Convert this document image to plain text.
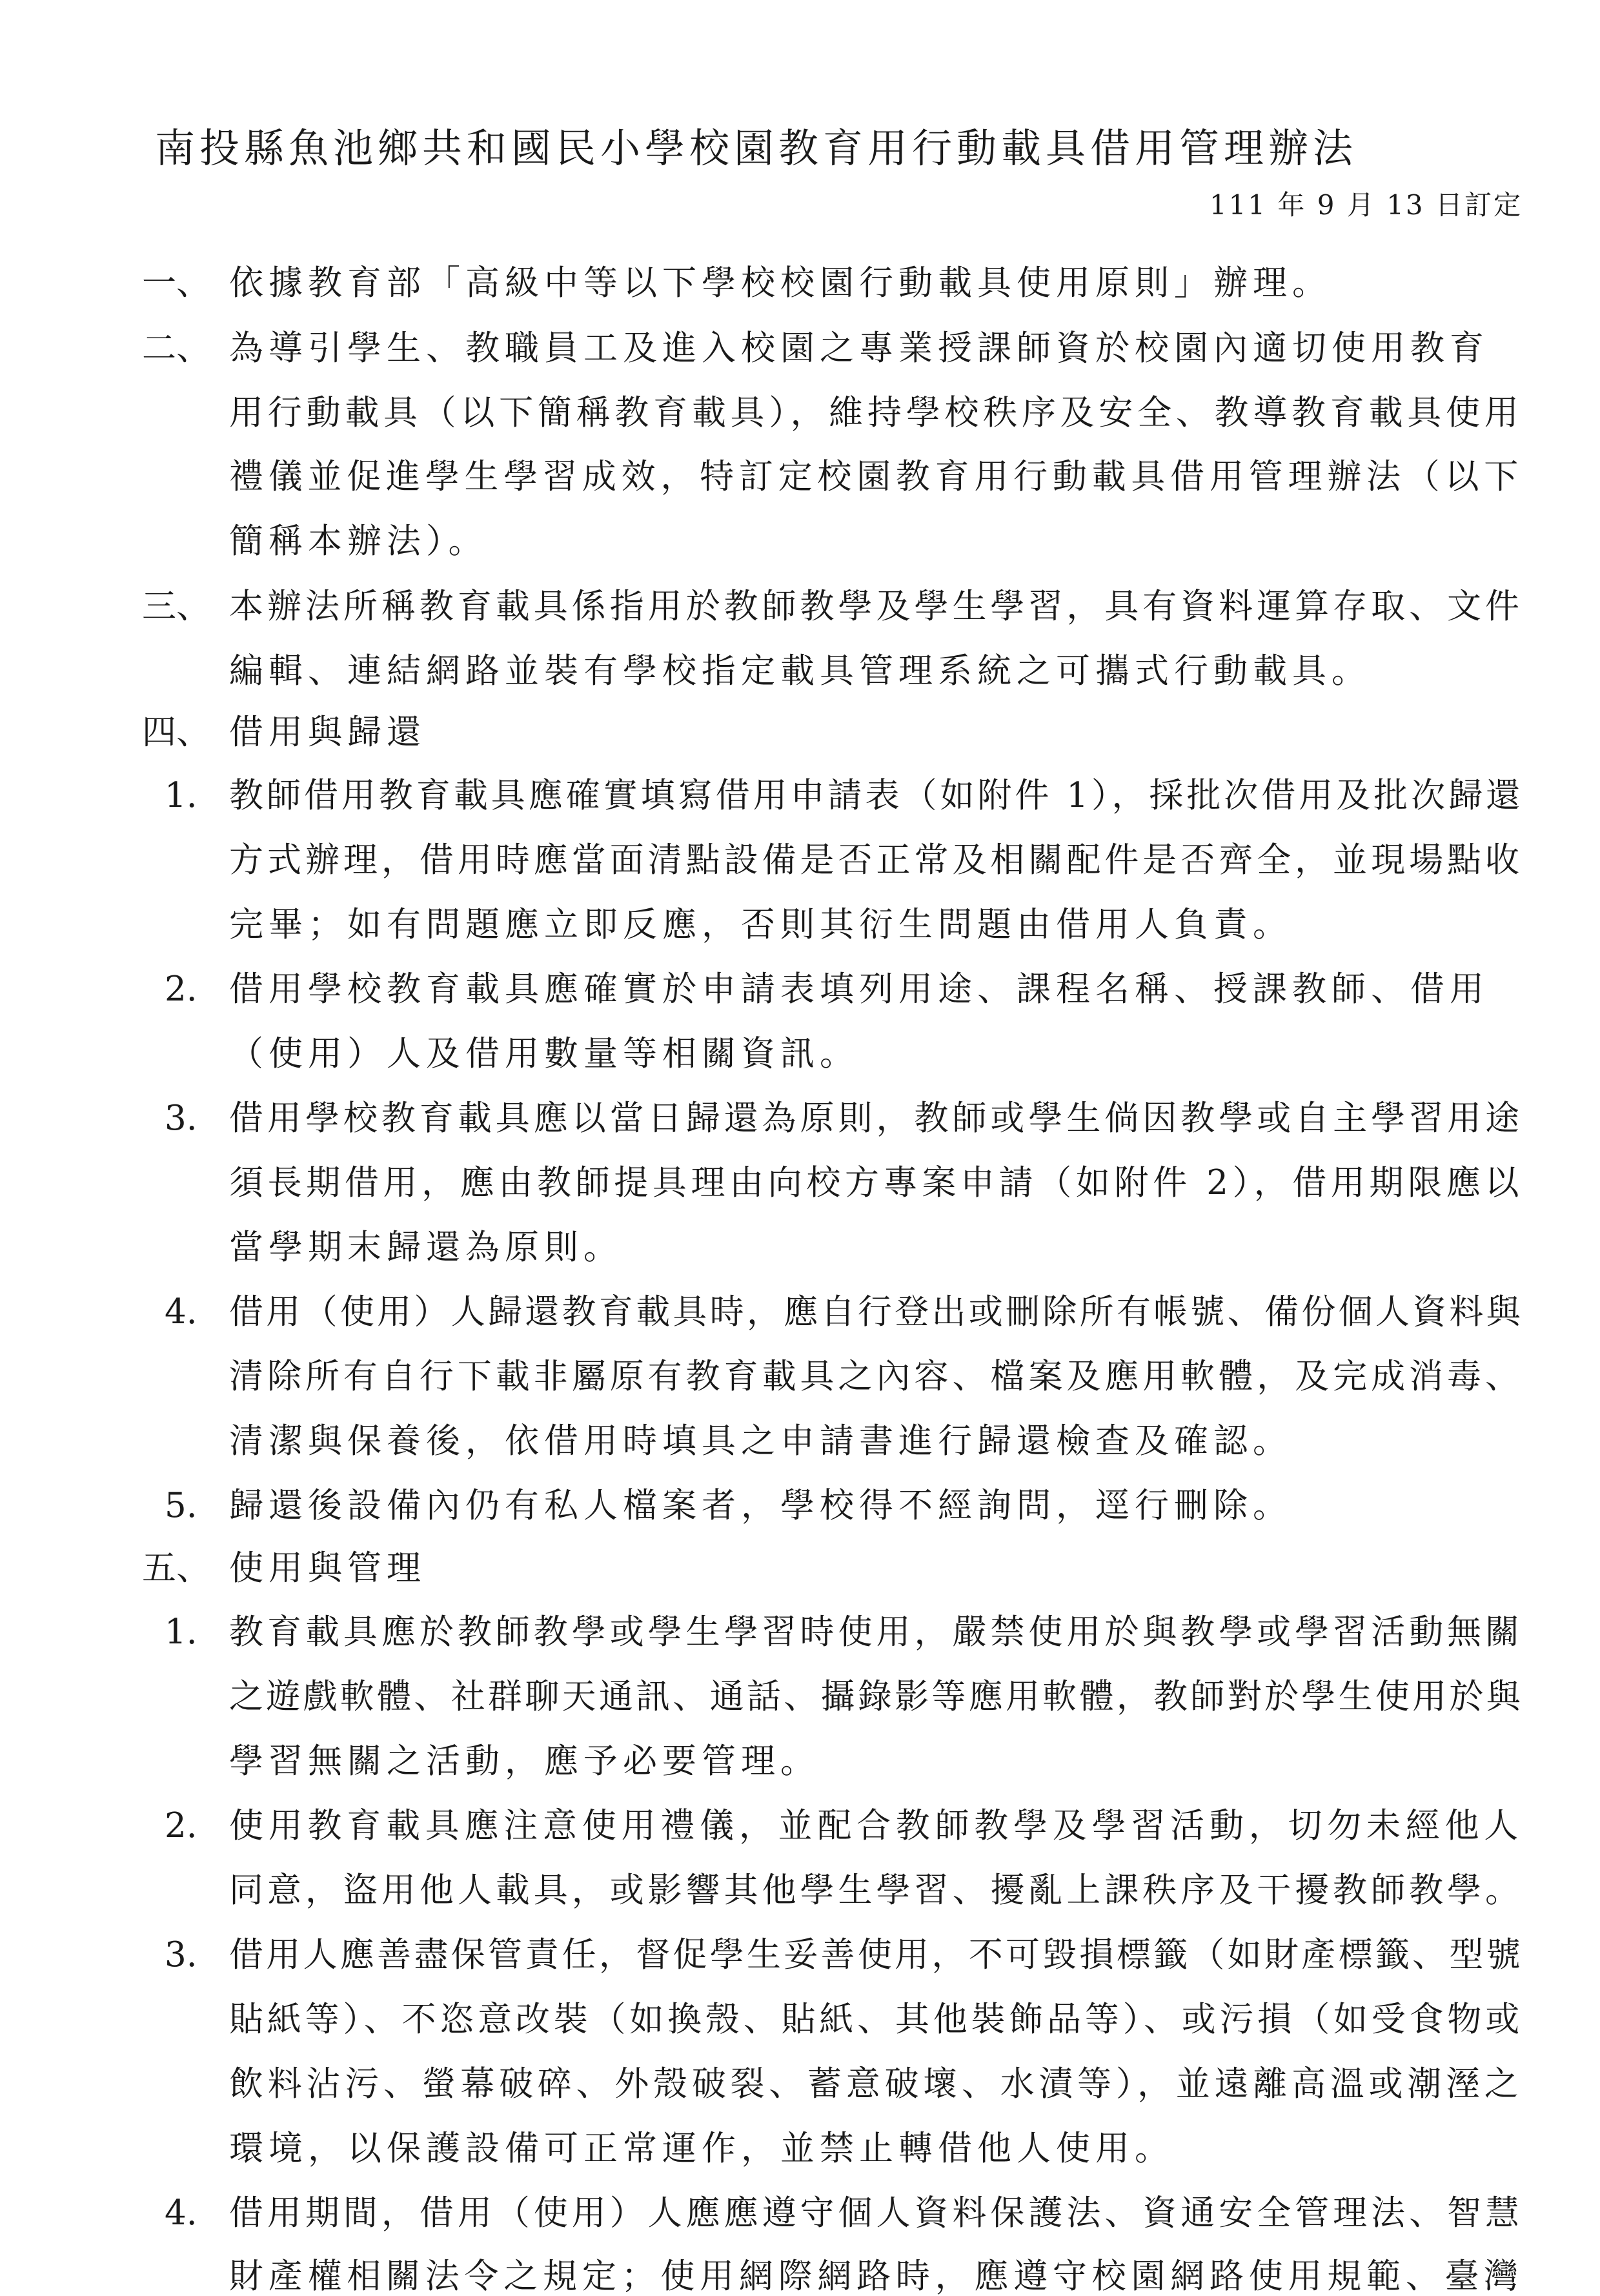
南投縣魚池鄉共和國民小學校園教育用行動載具借用管理辦法
111 年 9 月 13 日訂定
一、 依據教育部「高級中等以下學校校園行動載具使用原則」辦理。
二、 為導引學生、教職員工及進入校園之專業授課師資於校園內適切使用教育
用行動載具（以下簡稱教育載具），維持學校秩序及安全、教導教育載具使用
禮儀並促進學生學習成效，特訂定校園教育用行動載具借用管理辦法（以下
簡稱本辦法）。
三、 本辦法所稱教育載具係指用於教師教學及學生學習，具有資料運算存取、文件
編輯、連結網路並裝有學校指定載具管理系統之可攜式行動載具。
四、 借用與歸還
1. 教師借用教育載具應確實填寫借用申請表（如附件 1），採批次借用及批次歸還
方式辦理，借用時應當面清點設備是否正常及相關配件是否齊全，並現場點收
完畢；如有問題應立即反應，否則其衍生問題由借用人負責。
2. 借用學校教育載具應確實於申請表填列用途、課程名稱、授課教師、借用
（使用）人及借用數量等相關資訊。
3. 借用學校教育載具應以當日歸還為原則，教師或學生倘因教學或自主學習用途
須長期借用，應由教師提具理由向校方專案申請（如附件 2），借用期限應以
當學期末歸還為原則。
4. 借用（使用）人歸還教育載具時，應自行登出或刪除所有帳號、備份個人資料與
清除所有自行下載非屬原有教育載具之內容、檔案及應用軟體，及完成消毒、
清潔與保養後，依借用時填具之申請書進行歸還檢查及確認。
5. 歸還後設備內仍有私人檔案者，學校得不經詢問，逕行刪除。
五、 使用與管理
1. 教育載具應於教師教學或學生學習時使用，嚴禁使用於與教學或學習活動無關
之遊戲軟體、社群聊天通訊、通話、攝錄影等應用軟體，教師對於學生使用於與
學習無關之活動，應予必要管理。
2. 使用教育載具應注意使用禮儀，並配合教師教學及學習活動，切勿未經他人
同意，盜用他人載具，或影響其他學生學習、擾亂上課秩序及干擾教師教學。
3. 借用人應善盡保管責任，督促學生妥善使用，不可毀損標籤（如財產標籤、型號
貼紙等）、不恣意改裝（如換殼、貼紙、其他裝飾品等）、或污損（如受食物或
飲料沾污、螢幕破碎、外殼破裂、蓄意破壞、水漬等），並遠離高溫或潮溼之
環境，以保護設備可正常運作，並禁止轉借他人使用。
4. 借用期間，借用（使用）人應應遵守個人資料保護法、資通安全管理法、智慧
財產權相關法令之規定；使用網際網路時，應遵守校園網路使用規範、臺灣
